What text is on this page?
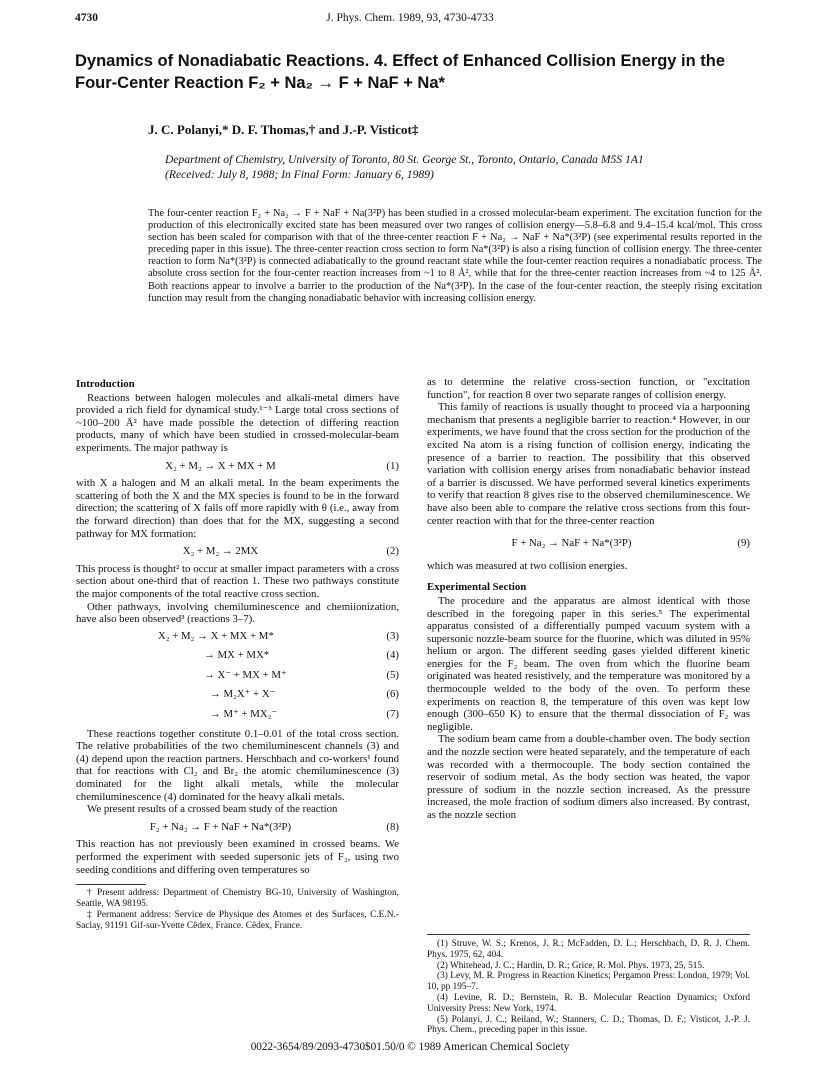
4730	J. Phys. Chem. 1989, 93, 4730-4733
Dynamics of Nonadiabatic Reactions. 4. Effect of Enhanced Collision Energy in the Four-Center Reaction F₂ + Na₂ → F + NaF + Na*
J. C. Polanyi,* D. F. Thomas,† and J.-P. Visticot‡
Department of Chemistry, University of Toronto, 80 St. George St., Toronto, Ontario, Canada M5S 1A1
(Received: July 8, 1988; In Final Form: January 6, 1989)
The four-center reaction F₂ + Na₂ → F + NaF + Na(3²P) has been studied in a crossed molecular-beam experiment. The excitation function for the production of this electronically excited state has been measured over two ranges of collision energy—5.8–6.8 and 9.4–15.4 kcal/mol. This cross section has been scaled for comparison with that of the three-center reaction F + Na₂ → NaF + Na*(3²P) (see experimental results reported in the preceding paper in this issue). The three-center reaction cross section to form Na*(3²P) is also a rising function of collision energy. The three-center reaction to form Na*(3²P) is connected adiabatically to the ground reactant state while the four-center reaction requires a nonadiabatic process. The absolute cross section for the four-center reaction increases from ~1 to 8 Å², while that for the three-center reaction increases from ~4 to 125 Å². Both reactions appear to involve a barrier to the production of the Na*(3²P). In the case of the four-center reaction, the steeply rising excitation function may result from the changing nonadiabatic behavior with increasing collision energy.
Introduction

Reactions between halogen molecules and alkali-metal dimers have provided a rich field for dynamical study.¹⁻³ Large total cross sections of ~100–200 Å² have made possible the detection of differing reaction products, many of which have been studied in crossed-molecular-beam experiments. The major pathway is

X₂ + M₂ → X + MX + M	(1)

with X a halogen and M an alkali metal. In the beam experiments the scattering of both the X and the MX species is found to be in the forward direction; the scattering of X falls off more rapidly with θ (i.e., away from the forward direction) than does that for the MX, suggesting a second pathway for MX formation:

X₂ + M₂ → 2MX	(2)

This process is thought² to occur at smaller impact parameters with a cross section about one-third that of reaction 1. These two pathways constitute the major components of the total reactive cross section.

Other pathways, involving chemiluminescence and chemiionization, have also been observed³ (reactions 3–7).

X₂ + M₂ → X + MX + M*	(3)
→ MX + MX*	(4)
→ X⁻ + MX + M⁺	(5)
→ M₂X⁺ + X⁻	(6)
→ M⁺ + MX₂⁻	(7)

These reactions together constitute 0.1–0.01 of the total cross section. The relative probabilities of the two chemiluminescent channels (3) and (4) depend upon the reaction partners. Herschbach and co-workers¹ found that for reactions with Cl₂ and Br₂ the atomic chemiluminescence (3) dominated for the light alkali metals, while the molecular chemiluminescence (4) dominated for the heavy alkali metals.

We present results of a crossed beam study of the reaction

F₂ + Na₂ → F + NaF + Na*(3²P)	(8)

This reaction has not previously been examined in crossed beams. We performed the experiment with seeded supersonic jets of F₂, using two seeding conditions and differing oven temperatures so

† Present address: Department of Chemistry BG-10, University of Washington, Seattle, WA 98195.

‡ Permanent address: Service de Physique des Atomes et des Surfaces, C.E.N.-Saclay, 91191 Gif-sur-Yvette Cêdex, France. Cêdex, France.

as to determine the relative cross-section function, or "excitation function", for reaction 8 over two separate ranges of collision energy.

This family of reactions is usually thought to proceed via a harpooning mechanism that presents a negligible barrier to reaction.⁴ However, in our experiments, we have found that the cross section for the production of the excited Na atom is a rising function of collision energy, indicating the presence of a barrier to reaction. The possibility that this observed variation with collision energy arises from nonadiabatic behavior instead of a barrier is discussed. We have performed several kinetics experiments to verify that reaction 8 gives rise to the observed chemiluminescence. We have also been able to compare the relative cross sections from this four-center reaction with that for the three-center reaction

F + Na₂ → NaF + Na*(3²P)	(9)

which was measured at two collision energies.

Experimental Section

The procedure and the apparatus are almost identical with those described in the foregoing paper in this series.⁵ The experimental apparatus consisted of a differentially pumped vacuum system with a supersonic nozzle-beam source for the fluorine, which was diluted in 95% helium or argon. The different seeding gases yielded different kinetic energies for the F₂ beam. The oven from which the fluorine beam originated was heated resistively, and the temperature was monitored by a thermocouple welded to the body of the oven. To perform these experiments on reaction 8, the temperature of this oven was kept low enough (300–650 K) to ensure that the thermal dissociation of F₂ was negligible.

The sodium beam came from a double-chamber oven. The body section and the nozzle section were heated separately, and the temperature of each was recorded with a thermocouple. The body section contained the reservoir of sodium metal. As the body section was heated, the vapor pressure of sodium in the nozzle section increased. As the pressure increased, the mole fraction of sodium dimers also increased. By contrast, as the nozzle section

(1) Struve, W. S.; Krenos, J. R.; McFadden, D. L.; Herschbach, D. R. J. Chem. Phys. 1975, 62, 404.

(2) Whitehead, J. C.; Hardin, D. R.; Grice, R. Mol. Phys. 1973, 25, 515.

(3) Levy, M. R. Progress in Reaction Kinetics; Pergamon Press: London, 1979; Vol. 10, pp 195–7.

(4) Levine, R. D.; Bernstein, R. B. Molecular Reaction Dynamics; Oxford University Press: New York, 1974.

(5) Polanyi, J. C.; Reiland, W.; Stanners, C. D.; Thomas, D. F.; Visticot, J.-P. J. Phys. Chem., preceding paper in this issue.

0022-3654/89/2093-4730$01.50/0 © 1989 American Chemical Society
